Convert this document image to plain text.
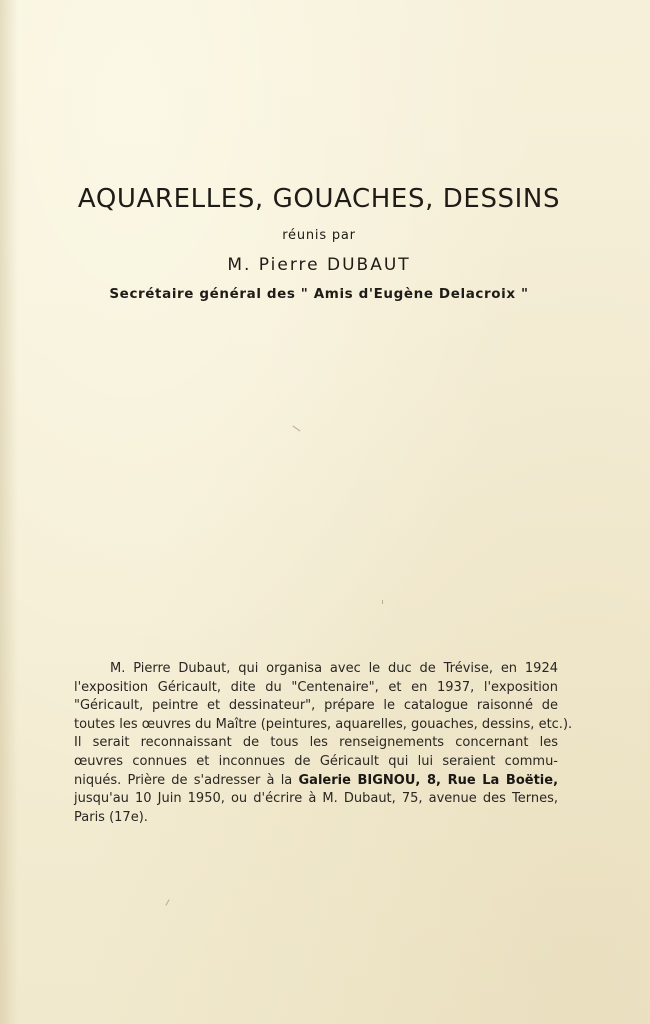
AQUARELLES, GOUACHES, DESSINS
réunis par
M. Pierre DUBAUT
Secrétaire général des " Amis d'Eugène Delacroix "
M. Pierre Dubaut, qui organisa avec le duc de Trévise, en 1924
l'exposition Géricault, dite du "Centenaire", et en 1937, l'exposition
"Géricault, peintre et dessinateur", prépare le catalogue raisonné de
toutes les œuvres du Maître (peintures, aquarelles, gouaches, dessins, etc.).
Il serait reconnaissant de tous les renseignements concernant les
œuvres connues et inconnues de Géricault qui lui seraient commu-
niqués. Prière de s'adresser à la Galerie BIGNOU, 8, Rue La Boëtie,
jusqu'au 10 Juin 1950, ou d'écrire à M. Dubaut, 75, avenue des Ternes,
Paris (17e).
